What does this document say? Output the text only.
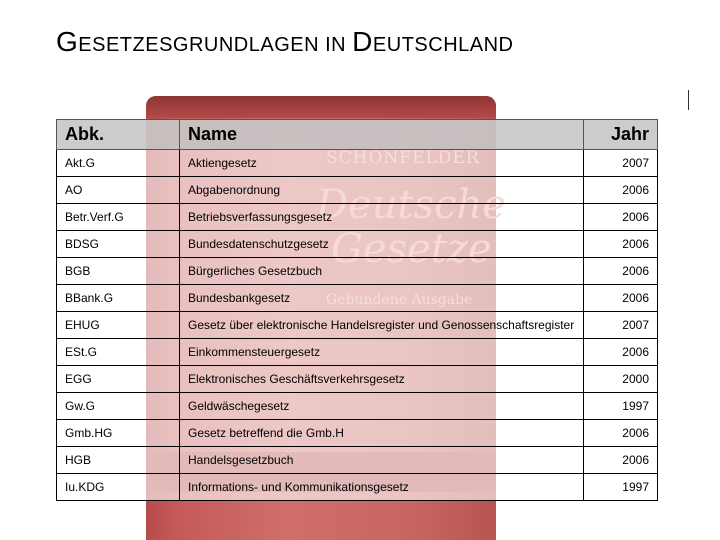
GESETZESGRUNDLAGEN IN DEUTSCHLAND
Abk.	Name	Jahr
Akt.G	Aktiengesetz	2007
AO	Abgabenordnung	2006
Betr.Verf.G	Betriebsverfassungsgesetz	2006
BDSG	Bundesdatenschutzgesetz	2006
BGB	Bürgerliches Gesetzbuch	2006
BBank.G	Bundesbankgesetz	2006
EHUG	Gesetz über elektronische Handelsregister und Genossenschaftsregister	2007
ESt.G	Einkommensteuergesetz	2006
EGG	Elektronisches Geschäftsverkehrsgesetz	2000
Gw.G	Geldwäschegesetz	1997
Gmb.HG	Gesetz betreffend die Gmb.H	2006
HGB	Handelsgesetzbuch	2006
Iu.KDG	Informations- und Kommunikationsgesetz	1997
